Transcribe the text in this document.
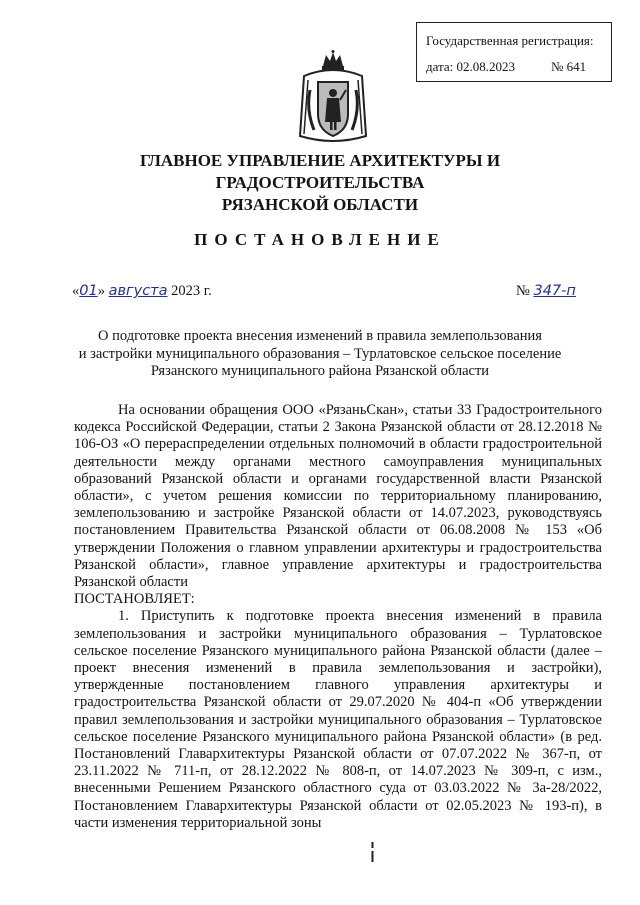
Государственная регистрация:
дата: 02.08.2023	№ 641
ГЛАВНОЕ УПРАВЛЕНИЕ АРХИТЕКТУРЫ И ГРАДОСТРОИТЕЛЬСТВА
РЯЗАНСКОЙ ОБЛАСТИ
ПОСТАНОВЛЕНИЕ
«01» августа 2023 г.	№ 347-п
О подготовке проекта внесения изменений в правила землепользования
и застройки муниципального образования – Турлатовское сельское поселение
Рязанского муниципального района Рязанской области

На основании обращения ООО «РязаньСкан», статьи 33 Градостроительного кодекса Российской Федерации, статьи 2 Закона Рязанской области от 28.12.2018 № 106-ОЗ «О перераспределении отдельных полномочий в области градостроительной деятельности между органами местного самоуправления муниципальных образований Рязанской области и органами государственной власти Рязанской области», с учетом решения комиссии по территориальному планированию, землепользованию и застройке Рязанской области от 14.07.2023, руководствуясь постановлением Правительства Рязанской области от 06.08.2008 № 153 «Об утверждении Положения о главном управлении архитектуры и градостроительства Рязанской области», главное управление архитектуры и градостроительства Рязанской области

ПОСТАНОВЛЯЕТ:

1. Приступить к подготовке проекта внесения изменений в правила землепользования и застройки муниципального образования – Турлатовское сельское поселение Рязанского муниципального района Рязанской области (далее – проект внесения изменений в правила землепользования и застройки), утвержденные постановлением главного управления архитектуры и градостроительства Рязанской области от 29.07.2020 № 404-п «Об утверждении правил землепользования и застройки муниципального образования – Турлатовское сельское поселение Рязанского муниципального района Рязанской области» (в ред. Постановлений Главархитектуры Рязанской области от 07.07.2022 № 367-п, от 23.11.2022 № 711-п, от 28.12.2022 № 808-п, от 14.07.2023 № 309-п, с изм., внесенными Решением Рязанского областного суда от 03.03.2022 № 3а-28/2022, Постановлением Главархитектуры Рязанской области от 02.05.2023 № 193-п), в части изменения территориальной зоны
